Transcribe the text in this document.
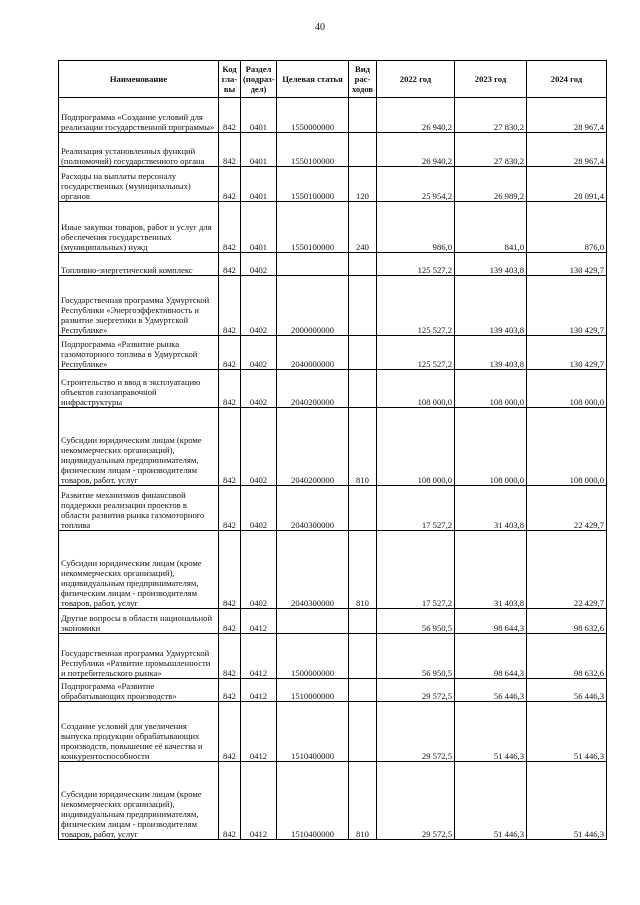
40
Наименование	Код гла- вы	Раздел (подраз- дел)	Целевая статья	Вид рас- ходов	2022 год	2023 год	2024 год
Подпрограмма «Создание условий для реализации государственной программы»	842	0401	1550000000		26 940,2	27 830,2	28 967,4
Реализация установленных функций (полномочий) государственного органа	842	0401	1550100000		26 940,2	27 830,2	28 967,4
Расходы на выплаты персоналу государственных (муниципальных) органов	842	0401	1550100000	120	25 954,2	26 989,2	28 091,4
Иные закупки товаров, работ и услуг для обеспечения государственных (муниципальных) нужд	842	0401	1550100000	240	986,0	841,0	876,0
Топливно-энергетический комплекс	842	0402			125 527,2	139 403,8	130 429,7
Государственная программа Удмуртской Республики «Энергоэффективность и развитие энергетики в Удмуртской Республике»	842	0402	2000000000		125 527,2	139 403,8	130 429,7
Подпрограмма «Развитие рынка газомоторного топлива в Удмуртской Республике»	842	0402	2040000000		125 527,2	139 403,8	130 429,7
Строительство и ввод в эксплуатацию объектов газозаправочной инфраструктуры	842	0402	2040200000		108 000,0	108 000,0	108 000,0
Субсидии юридическим лицам (кроме некоммерческих организаций), индивидуальным предпринимателям, физическим лицам - производителям товаров, работ, услуг	842	0402	2040200000	810	108 000,0	108 000,0	108 000,0
Развитие механизмов финансовой поддержки реализации проектов в области развития рынка газомоторного топлива	842	0402	2040300000		17 527,2	31 403,8	22 429,7
Субсидии юридическим лицам (кроме некоммерческих организаций), индивидуальным предпринимателям, физическим лицам - производителям товаров, работ, услуг	842	0402	2040300000	810	17 527,2	31 403,8	22 429,7
Другие вопросы в области национальной экономики	842	0412			56 950,5	98 644,3	98 632,6
Государственная программа Удмуртской Республики «Развитие промышленности и потребительского рынка»	842	0412	1500000000		56 950,5	98 644,3	98 632,6
Подпрограмма «Развитие обрабатывающих производств»	842	0412	1510000000		29 572,5	56 446,3	56 446,3
Создание условий для увеличения выпуска продукции обрабатывающих производств, повышение её качества и конкурентоспособности	842	0412	1510400000		29 572,5	51 446,3	51 446,3
Субсидии юридическим лицам (кроме некоммерческих организаций), индивидуальным предпринимателям, физическим лицам - производителям товаров, работ, услуг	842	0412	1510400000	810	29 572,5	51 446,3	51 446,3
